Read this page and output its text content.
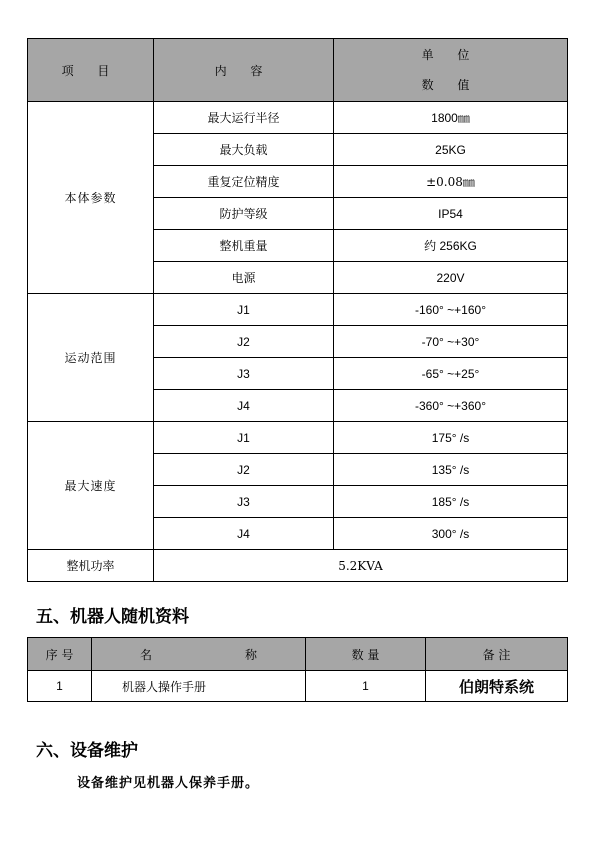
项 目	内 容	单 位
数 值

本体参数	最大运行半径	1800㎜
	最大负载	25KG
	重复定位精度	±0.08㎜
	防护等级	IP54
	整机重量	约 256KG
	电源	220V
运动范围	J1	-160° ~+160°
	J2	-70° ~+30°
	J3	-65° ~+25°
	J4	-360° ~+360°
最大速度	J1	175° /s
	J2	135° /s
	J3	185° /s
	J4	300° /s
整机功率	5.2KVA	
五、机器人随机资料
序 号	名 称	数 量	备 注
1	机器人操作手册	1	伯朗特系统
六、设备维护

设备维护见机器人保养手册。
